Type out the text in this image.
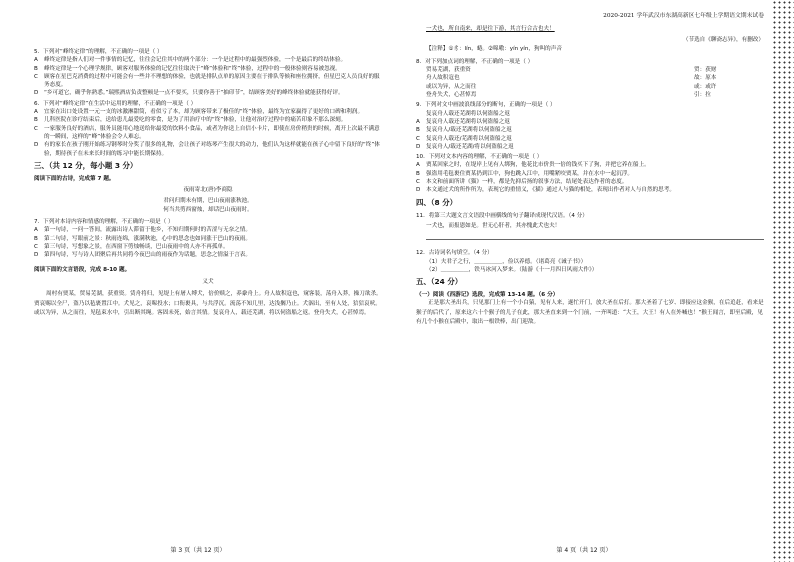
5．下列对“峰终定律”的理解，不正确的一项是（ ）
A	峰终定律是指人们对一件事情的记忆，往往会记住其中的两个部分：一个是过程中的最强烈体验，一个是最后的终结体验。
B	峰终定律是一个心理学规律，顾客对服务体验的记忆往往取决于“峰”体验和“终”体验，过程中的一般体验则容易被忽视。
C	顾客在星巴克消费的过程中可能会有一些并不理想的体验，也就是排队点单的原因主要在于排队等候和座位拥挤，但星巴克人员良好的服务态度。
D	“乡可道它，确乎你熟悉。”瑞熙酒店负责整顿是一点不要买，只要你善于“抽印节”，结顾客美好的峰终体验就能获得好评。
6．下列对“峰终定律”在生活中运用的理解，不正确的一项是（ ）
A	宜家在出口处设置一元一支的冰激淋甜筒，看似亏了本，却为顾客带来了极佳的“终”体验，最终为宜家赢得了更好的口碑和利润。
B	儿科医院在诊疗结束后，送给患儿最爱吃的零食，是为了用治疗中的“终”体验，让他对治疗过程中的痛苦印象不那么深刻。
C	一家服务良好的酒店，服务员能用心地送给你最爱的饮料小食品，或者为你送上自信小卡片，即使在房价稍贵的时候，离开上次最不满意的一瞬间，这样的“峰”体验会令人难忘。
D	有的家长在孩子刚开始练习钢琴时分奖了很多的礼物，会让孩子对练琴产生很大的动力，他们认为这样就能在孩子心中留下良好的“终”体验，期待孩子在未来长时间的练习中能长期保持。
三、（共 12 分，每小题 3 分）
阅读下面的古诗，完成第 7 题。
夜雨寄北(唐)李商隐
君问归期未有期，巴山夜雨涨秋池。
何当共剪西窗烛，却话巴山夜雨时。
7．下列对本诗内容和情感的理解，不正确的一项是（ ）
A	第一句诗，一问一答间，流露出诗人滞留于他乡，不知归期何时的苦涩与无奈之情。
B	第二句诗，写眼前之景：秋雨连绵，涨满秋池，心中的思念也如同涨于巴山的夜雨。
C	第三句诗，写想象之景，在西窗下剪烛畅谈，巴山夜雨中的人亦不再孤单。
D	第四句诗，写与诗人团聚后再共同将今夜巴山的雨夜作为话题，思念之情溢于言表。
阅读下面的文言语段，完成 8-10 题。
义犬
周村有贾某，贸易芜湖，获重资。赁舟将归，见堤上有屠人缚犬，倍价赎之，养豢舟上。舟人故积寇也，窥客装，荡舟入莽，操刀欲杀。贾哀赐以全尸，盗乃以毡裹置江中。犬见之，哀嗥投水；口衔裹具，与共浮沉。流荡不知几里，达浅搁乃止。犬泅出，至有人处，狺狺哀吠。或以为异，从之而往，见毡束水中，引出断其绳。客固未死，始言其情。复哀舟人，载还芜湖，将以伺盗船之返。登舟失犬，心甚悼焉。
第 3 页（共 12 页）
2020-2021 学年武汉市东湖高新区七年级上学期语文期末试卷
一犬也，所自南来，却是往下游，其言行合古也夫！
（节选自《聊斋志异》，有删改）
【注释】①豸：lín，蜷。②嗥嗷：yín yín，狗叫的声音
8．对下列加点词的理解，不正确的一项是（ ）
贸易芜湖，获重资	贸：获财
舟人故积寇也	故：原本
或以为异，从之而往	或：或许
登舟失犬，心甚悼焉	引：拉
9．下列对文中画波浪线部分的断句，正确的一项是（ ）
复哀舟人载还芜湖将以伺盗船之返
A	复哀舟人载还芜湖将以伺盗船之返
B	复哀舟人/载还芜湖将以伺盗船之返
C	复哀舟人载还/芜湖将以伺盗船之返
D	复哀舟人/载还芜湖/将以伺盗船之返
10．下列对文本内容的理解，不正确的一项是（ ）
A	贾某回家之时，在堤岸上见有人绑狗，他花比市价贵一倍的钱买下了狗，并把它养在船上。
B	强盗用毛毡裹住贾某扔到江中，狗也跳入江中，用嘴紧咬贾某，并在水中一起沉浮。
C	本文和前面所讲《猫》一样，都是先抑后扬的叙事方法，结尾处表达作者的态度。
D	本文通过犬的所作所为，表现它的重情义，《猫》通过人与猫的相处，表现出作者对人与自然的思考。
四、（8 分）
11．将第三大题文言文语段中画横线的句子翻译成现代汉语。（4 分）
一犬也，而报恩如是。世无心肝者，其亦愧此犬也夫！
12．古诗词名句填空。（4 分）
（1）夫君子之行，＿＿＿＿＿，俭以养德。（诸葛亮《诫子书》）
（2）＿＿＿＿＿，铁马冰河入梦来。（陆游《十一月四日风雨大作》）
五、（24 分）
（一）阅读《西游记》选段，完成第 13-14 题。（6 分）
正是那大圣出兵，只见那门上有一个小白猿，见有人来，遂忙开门，放大圣在后打。那大圣着了七岁、即接应这金猴，在后追赶，看来是猴子的后代了，原来这六十个猴子的儿子在此，那大圣直来到一个门前，一齐叫道：“大王，大王！有人在外喊也！”猴王闻言，即至后殿，见有几个小猴在后殿中，取出一根铁棒，出门迎敌。
第 4 页（共 12 页）
